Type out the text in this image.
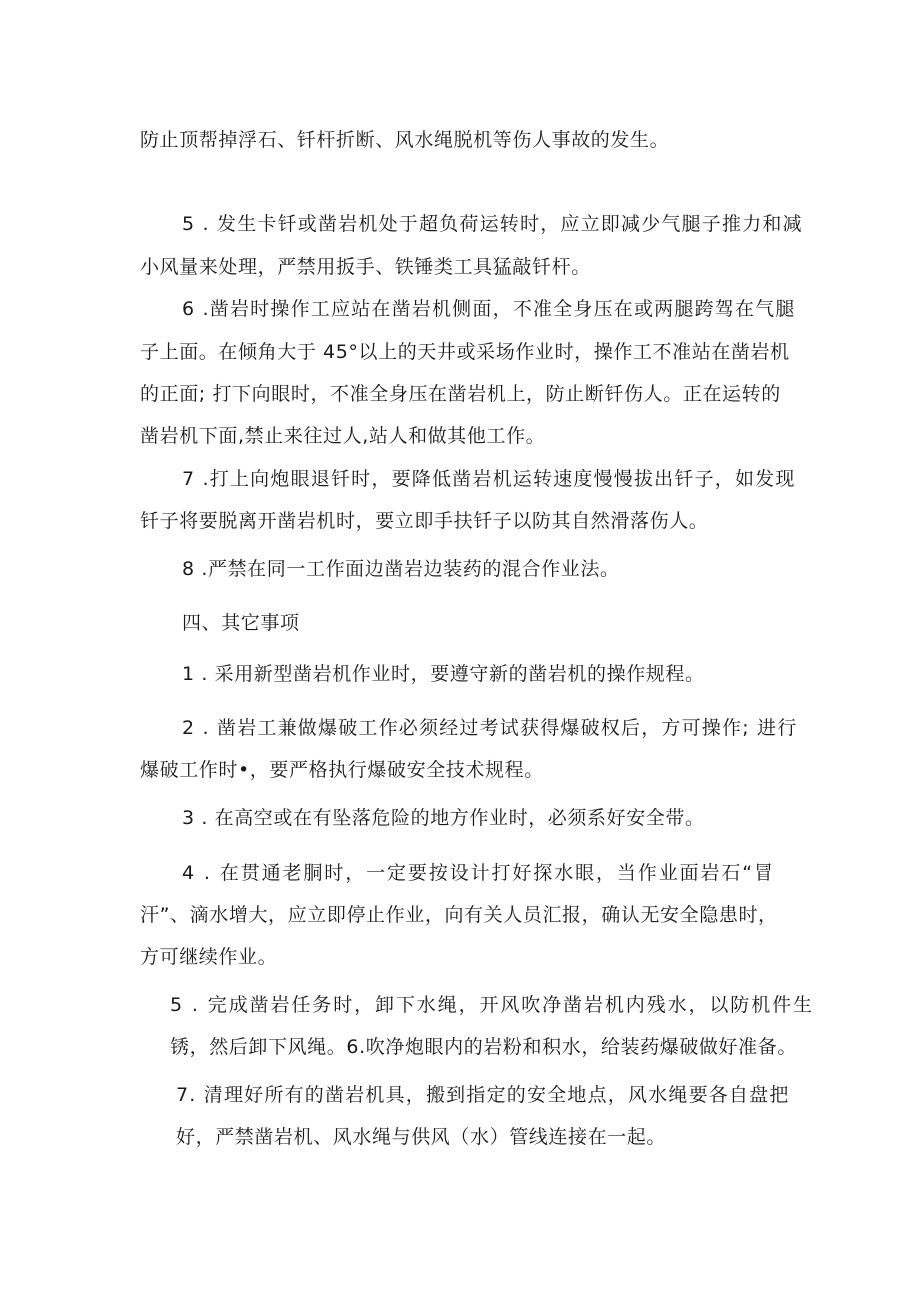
防止顶帮掉浮石、钎杆折断、风水绳脱机等伤人事故的发生。
5 . 发生卡钎或凿岩机处于超负荷运转时，应立即减少气腿子推力和减
小风量来处理，严禁用扳手、铁锤类工具猛敲钎杆。
6 .凿岩时操作工应站在凿岩机侧面，不准全身压在或两腿跨驾在气腿
子上面。在倾角大于 45°以上的天井或采场作业时，操作工不准站在凿岩机
的正面; 打下向眼时，不准全身压在凿岩机上，防止断钎伤人。正在运转的
凿岩机下面,禁止来往过人,站人和做其他工作。
7 .打上向炮眼退钎时，要降低凿岩机运转速度慢慢拔出钎子，如发现
钎子将要脱离开凿岩机时，要立即手扶钎子以防其自然滑落伤人。
8 .严禁在同一工作面边凿岩边装药的混合作业法。
四、其它事项
1 . 采用新型凿岩机作业时，要遵守新的凿岩机的操作规程。
2 . 凿岩工兼做爆破工作必须经过考试获得爆破权后，方可操作; 进行
爆破工作时•，要严格执行爆破安全技术规程。
3 . 在高空或在有坠落危险的地方作业时，必须系好安全带。
4 . 在贯通老胴时，一定要按设计打好探水眼，当作业面岩石“冒
汗”、滴水增大，应立即停止作业，向有关人员汇报，确认无安全隐患时，
方可继续作业。
5 . 完成凿岩任务时，卸下水绳，开风吹净凿岩机内残水，以防机件生
锈，然后卸下风绳。6.吹净炮眼内的岩粉和积水，给装药爆破做好准备。
7. 清理好所有的凿岩机具，搬到指定的安全地点，风水绳要各自盘把
好，严禁凿岩机、风水绳与供风（水）管线连接在一起。
